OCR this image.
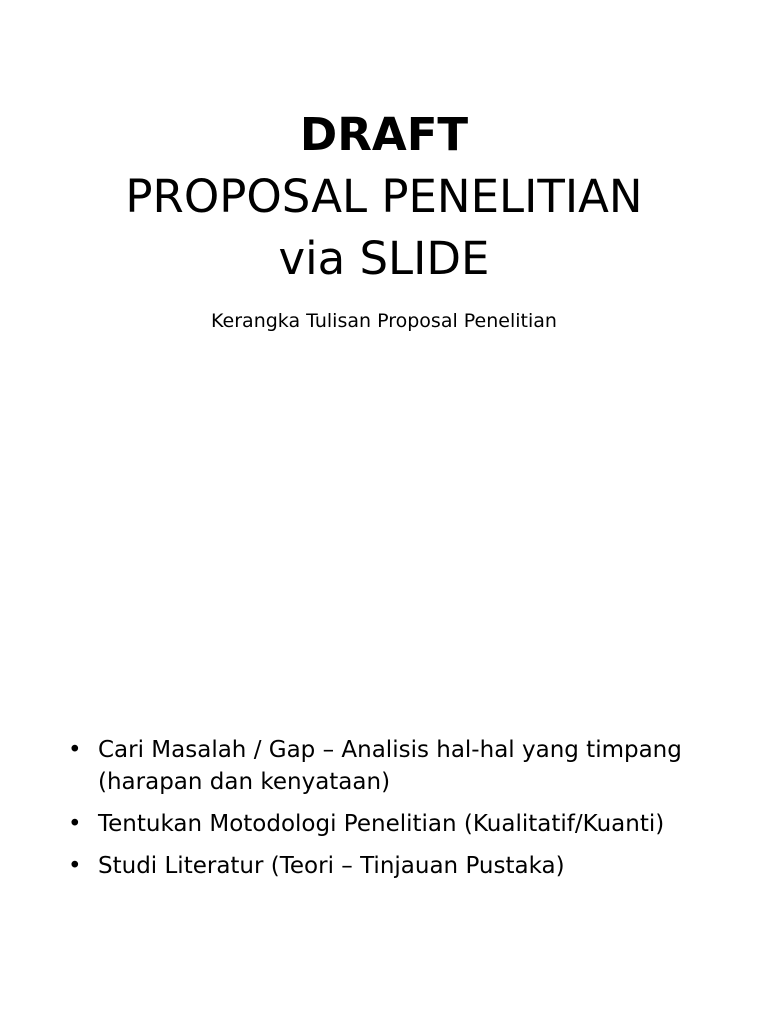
DRAFT
PROPOSAL PENELITIAN
via SLIDE
Kerangka Tulisan Proposal Penelitian
• Cari Masalah / Gap – Analisis hal-hal yang timpang (harapan dan kenyataan)
• Tentukan Motodologi Penelitian (Kualitatif/Kuanti)
• Studi Literatur (Teori – Tinjauan Pustaka)
